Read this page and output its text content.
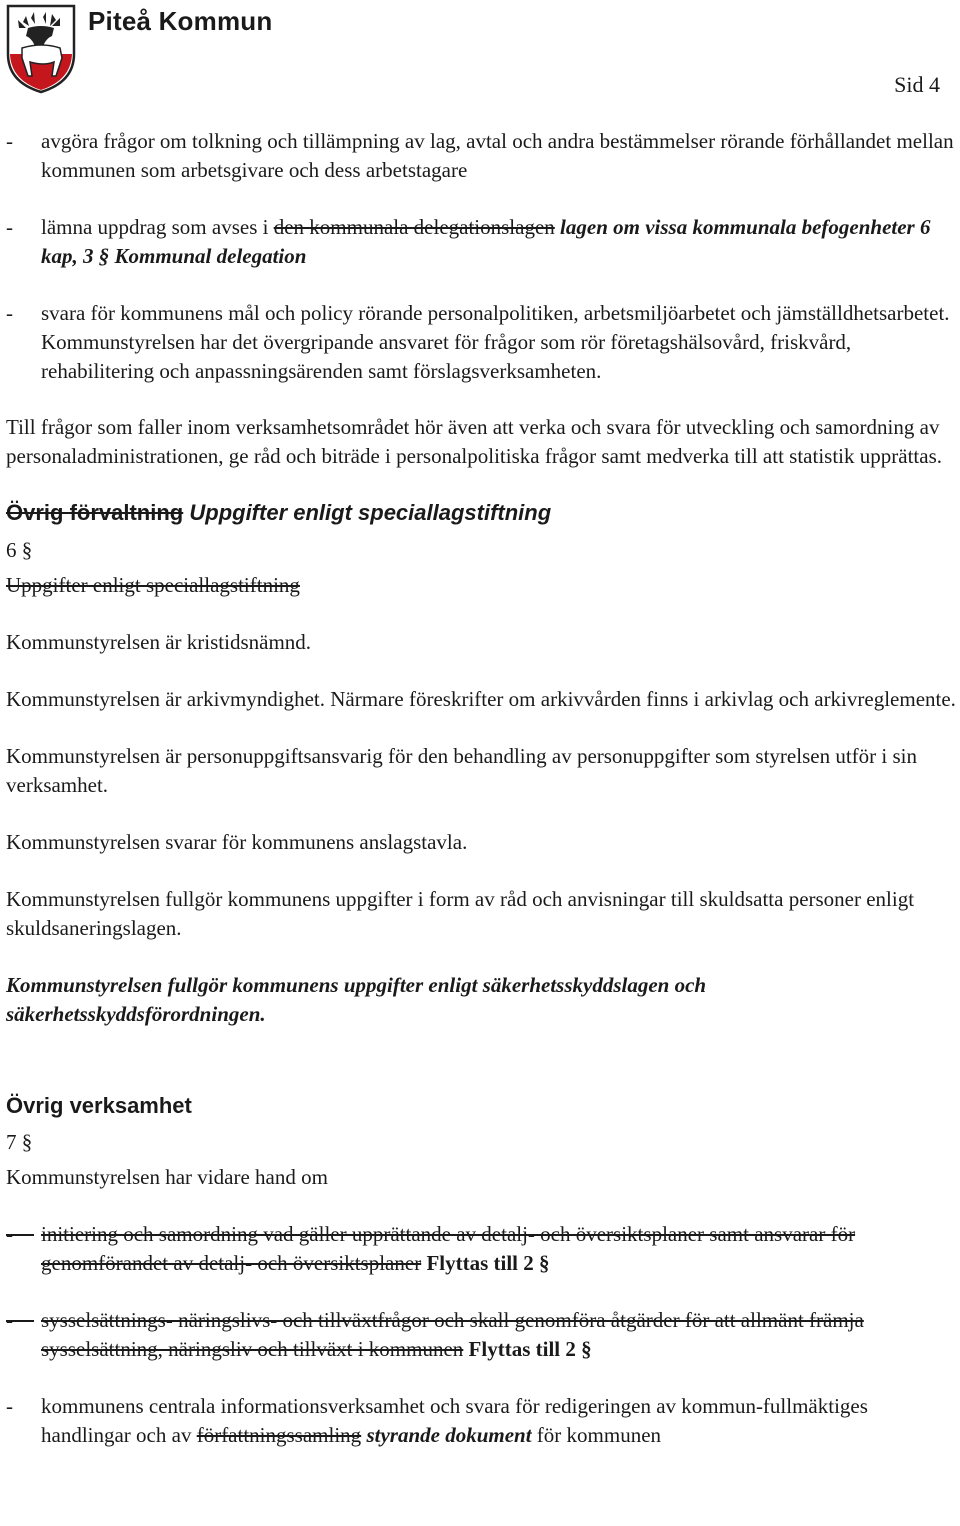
Piteå Kommun
Sid 4
- avgöra frågor om tolkning och tillämpning av lag, avtal och andra bestämmelser rörande förhållandet mellan kommunen som arbetsgivare och dess arbetstagare
- lämna uppdrag som avses i den kommunala delegationslagen lagen om vissa kommunala befogenheter 6 kap, 3 § Kommunal delegation
- svara för kommunens mål och policy rörande personalpolitiken, arbetsmiljöarbetet och jämställdhetsarbetet. Kommunstyrelsen har det övergripande ansvaret för frågor som rör företagshälsovård, friskvård, rehabilitering och anpassningsärenden samt förslagsverksamheten.
Till frågor som faller inom verksamhetsområdet hör även att verka och svara för utveckling och samordning av personaladministrationen, ge råd och biträde i personalpolitiska frågor samt medverka till att statistik upprättas.
Övrig förvaltning Uppgifter enligt speciallagstiftning
6 §
Uppgifter enligt speciallagstiftning
Kommunstyrelsen är kristidsnämnd.
Kommunstyrelsen är arkivmyndighet. Närmare föreskrifter om arkivvården finns i arkivlag och arkivreglemente.
Kommunstyrelsen är personuppgiftsansvarig för den behandling av personuppgifter som styrelsen utför i sin verksamhet.
Kommunstyrelsen svarar för kommunens anslagstavla.
Kommunstyrelsen fullgör kommunens uppgifter i form av råd och anvisningar till skuldsatta personer enligt skuldsaneringslagen.
Kommunstyrelsen fullgör kommunens uppgifter enligt säkerhetsskyddslagen och säkerhetsskyddsförordningen.
Övrig verksamhet
7 §
Kommunstyrelsen har vidare hand om
- initiering och samordning vad gäller upprättande av detalj- och översiktsplaner samt ansvarar för genomförandet av detalj- och översiktsplaner Flyttas till 2 §
- sysselsättnings- näringslivs- och tillväxtfrågor och skall genomföra åtgärder för att allmänt främja sysselsättning, näringsliv och tillväxt i kommunen Flyttas till 2 §
- kommunens centrala informationsverksamhet och svara för redigeringen av kommun-fullmäktiges handlingar och av författningssamling styrande dokument för kommunen
